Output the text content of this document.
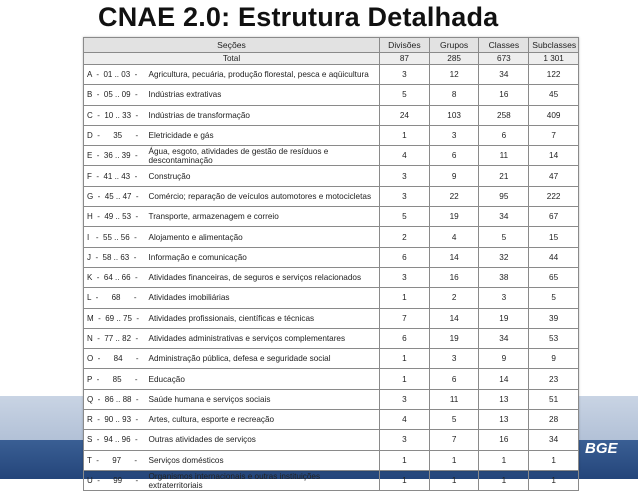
BGE
CNAE 2.0: Estrutura Detalhada
Seções		Divisões	Grupos	Classes	Subclasses
Total		87	285	673	1 301
A  -  01 .. 03  -	Agricultura, pecuária, produção florestal, pesca e aqüicultura	3	12	34	122
B  -  05 .. 09  -	Indústrias extrativas	5	8	16	45
C  -  10 .. 33  -	Indústrias de transformação	24	103	258	409
D  -      35      -	Eletricidade e gás	1	3	6	7
E  -  36 .. 39  -	Água, esgoto, atividades de gestão de resíduos e descontaminação	4	6	11	14
F  -  41 .. 43  -	Construção	3	9	21	47
G  -  45 .. 47  -	Comércio; reparação de veículos automotores e motocicletas	3	22	95	222
H  -  49 .. 53  -	Transporte, armazenagem e correio	5	19	34	67
I   -  55 .. 56  -	Alojamento e alimentação	2	4	5	15
J  -  58 .. 63  -	Informação e comunicação	6	14	32	44
K  -  64 .. 66  -	Atividades financeiras, de seguros e serviços relacionados	3	16	38	65
L  -      68      -	Atividades imobiliárias	1	2	3	5
M  -  69 .. 75  -	Atividades profissionais, científicas e técnicas	7	14	19	39
N  -  77 .. 82  -	Atividades administrativas e serviços complementares	6	19	34	53
O  -      84      -	Administração pública, defesa e seguridade social	1	3	9	9
P  -      85      -	Educação	1	6	14	23
Q  -  86 .. 88  -	Saúde humana e serviços sociais	3	11	13	51
R  -  90 .. 93  -	Artes, cultura, esporte e recreação	4	5	13	28
S  -  94 .. 96  -	Outras atividades de serviços	3	7	16	34
T  -      97      -	Serviços domésticos	1	1	1	1
U  -      99      -	Organismos internacionais e outras instituições extraterritoriais	1	1	1	1
